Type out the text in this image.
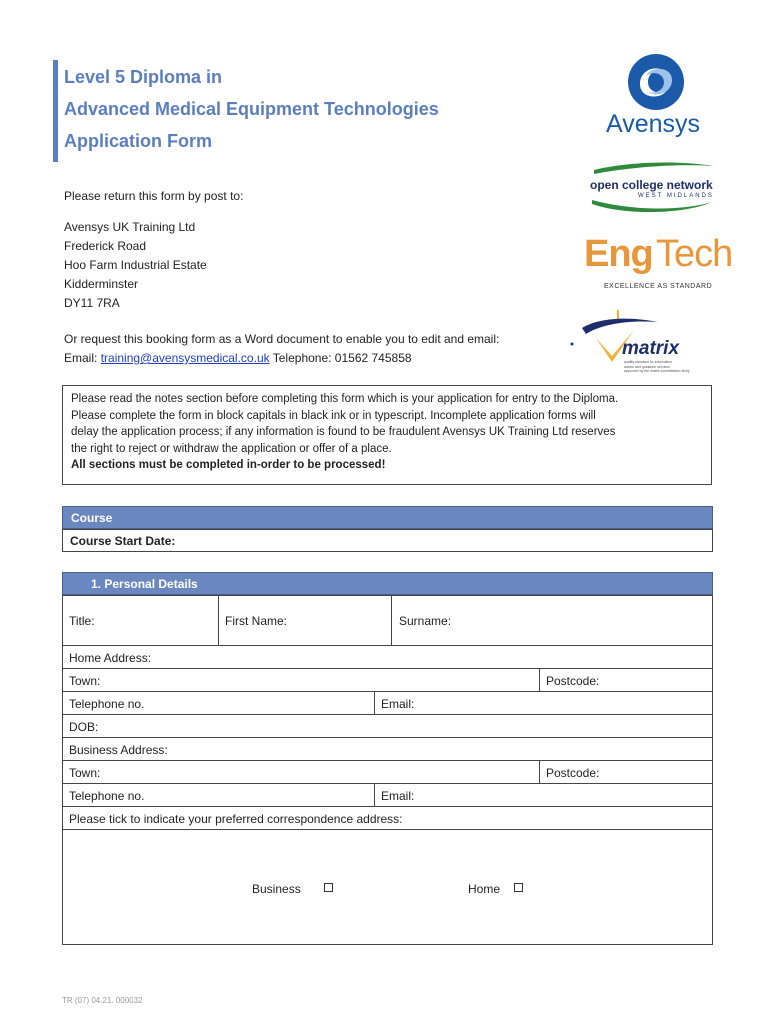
Level 5 Diploma in
Advanced Medical Equipment Technologies
Application Form
Avensys
open college network
WEST MIDLANDS
Eng Tech
EXCELLENCE AS STANDARD
matrix
quality standard for information
advice and guidance services
approved by the matrix Accreditation Body
Please return this form by post to:
Avensys UK Training Ltd
Frederick Road
Hoo Farm Industrial Estate
Kidderminster
DY11 7RA
Or request this booking form as a Word document to enable you to edit and email:
Email: training@avensysmedical.co.uk Telephone: 01562 745858
Please read the notes section before completing this form which is your application for entry to the Diploma.
Please complete the form in block capitals in black ink or in typescript. Incomplete application forms will
delay the application process; if any information is found to be fraudulent Avensys UK Training Ltd reserves
the right to reject or withdraw the application or offer of a place.
All sections must be completed in-order to be processed!
Course
Course Start Date:
1. Personal Details
Title:	First Name:	Surname:
Home Address:
Town:	Postcode:
Telephone no.	Email:
DOB:
Business Address:
Town:	Postcode:
Telephone no.	Email:
Please tick to indicate your preferred correspondence address:
Business	Home
TR (07) 04.21. 000032
